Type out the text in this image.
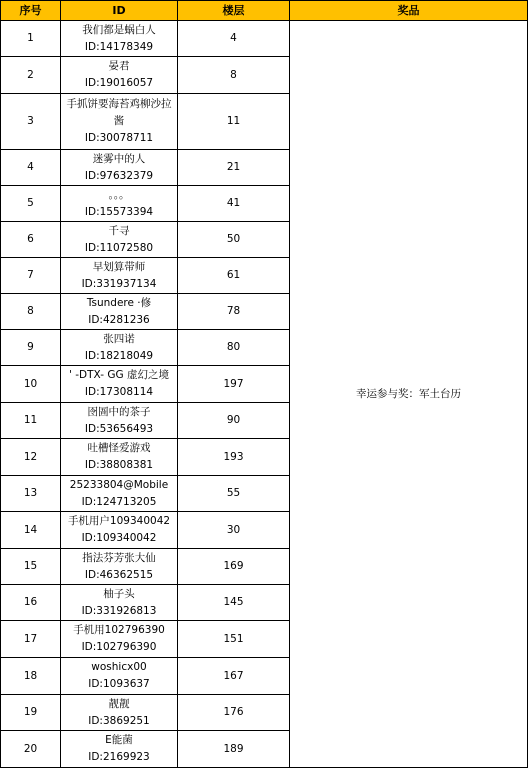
序号	ID	楼层	奖品
1	我们都是蜗白人
ID:14178349	4	幸运参与奖：军土台历
2	晏君
ID:19016057	8	
3	手抓饼要海苔鸡柳沙拉酱
ID:30078711	11	
4	迷雾中的人
ID:97632379	21	
5	。。。
ID:15573394	41	
6	千寻
ID:11072580	50	
7	早划算带师
ID:331937134	61	
8	Tsundere ·修
ID:4281236	78	
9	张四诺
ID:18218049	80	
10	' -DTX- GG 虚幻之境
ID:17308114	197	
11	囹圄中的茶子
ID:53656493	90	
12	吐槽怪爱游戏
ID:38808381	193	
13	25233804@Mobile
ID:124713205	55	
14	手机用户109340042
ID:109340042	30	
15	指法芬芳张大仙
ID:46362515	169	
16	柚子头
ID:331926813	145	
17	手机用102796390
ID:102796390	151	
18	woshicx00
ID:1093637	167	
19	靓靓
ID:3869251	176	
20	E能菌
ID:2169923	189	
